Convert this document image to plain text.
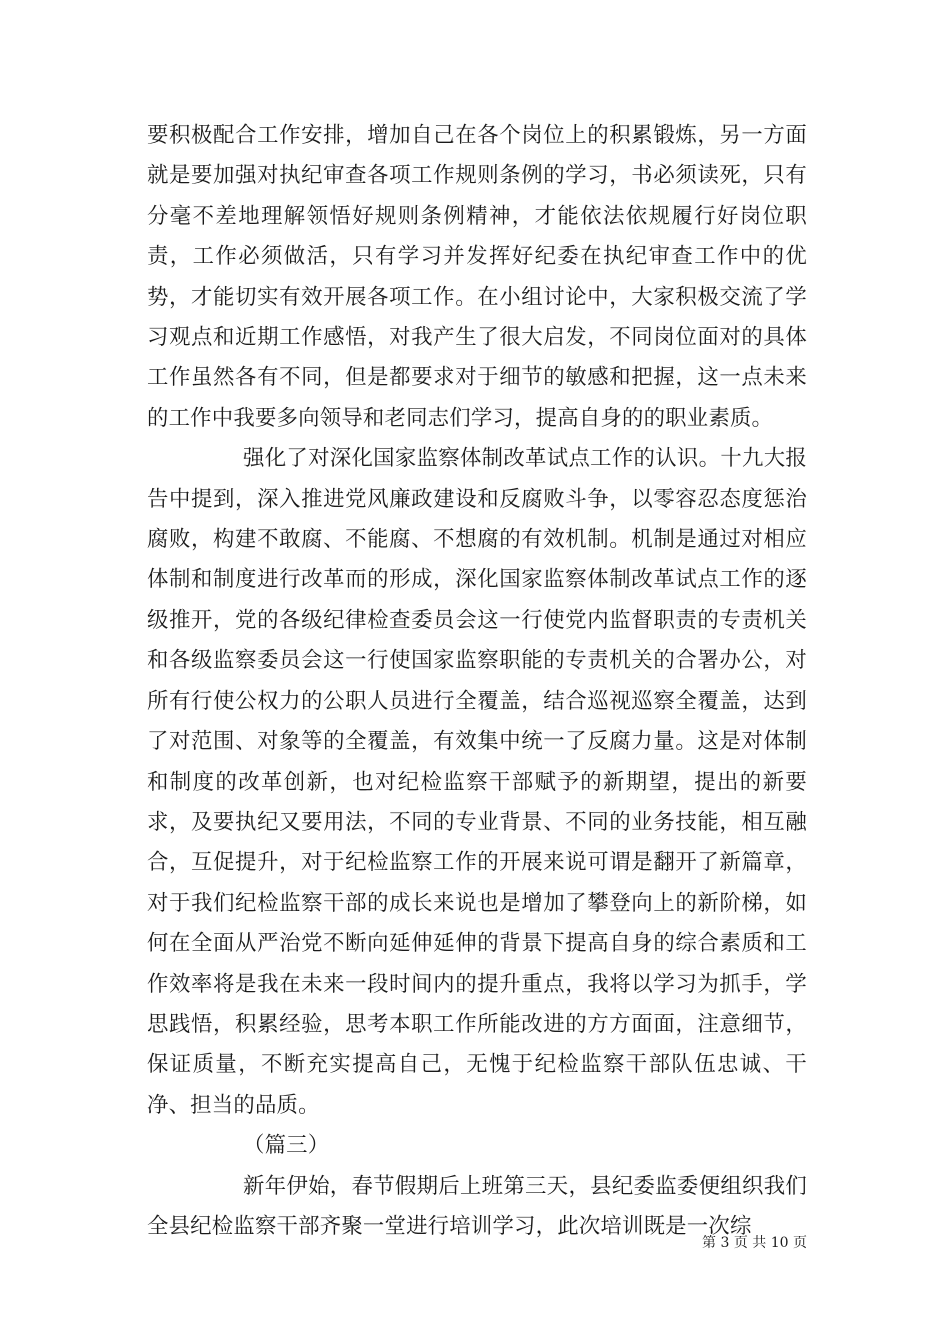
要积极配合工作安排，增加自己在各个岗位上的积累锻炼，另一方面就是要加强对执纪审查各项工作规则条例的学习，书必须读死，只有分毫不差地理解领悟好规则条例精神，才能依法依规履行好岗位职责，工作必须做活，只有学习并发挥好纪委在执纪审查工作中的优势，才能切实有效开展各项工作。在小组讨论中，大家积极交流了学习观点和近期工作感悟，对我产生了很大启发，不同岗位面对的具体工作虽然各有不同，但是都要求对于细节的敏感和把握，这一点未来的工作中我要多向领导和老同志们学习，提高自身的的职业素质。

强化了对深化国家监察体制改革试点工作的认识。十九大报告中提到，深入推进党风廉政建设和反腐败斗争，以零容忍态度惩治腐败，构建不敢腐、不能腐、不想腐的有效机制。机制是通过对相应体制和制度进行改革而的形成，深化国家监察体制改革试点工作的逐级推开，党的各级纪律检查委员会这一行使党内监督职责的专责机关和各级监察委员会这一行使国家监察职能的专责机关的合署办公，对所有行使公权力的公职人员进行全覆盖，结合巡视巡察全覆盖，达到了对范围、对象等的全覆盖，有效集中统一了反腐力量。这是对体制和制度的改革创新，也对纪检监察干部赋予的新期望，提出的新要求，及要执纪又要用法，不同的专业背景、不同的业务技能，相互融合，互促提升，对于纪检监察工作的开展来说可谓是翻开了新篇章，对于我们纪检监察干部的成长来说也是增加了攀登向上的新阶梯，如何在全面从严治党不断向延伸延伸的背景下提高自身的综合素质和工作效率将是我在未来一段时间内的提升重点，我将以学习为抓手，学思践悟，积累经验，思考本职工作所能改进的方方面面，注意细节，保证质量，不断充实提高自己，无愧于纪检监察干部队伍忠诚、干净、担当的品质。

（篇三）

新年伊始，春节假期后上班第三天，县纪委监委便组织我们全县纪检监察干部齐聚一堂进行培训学习，此次培训既是一次综

第 3 页 共 10 页
